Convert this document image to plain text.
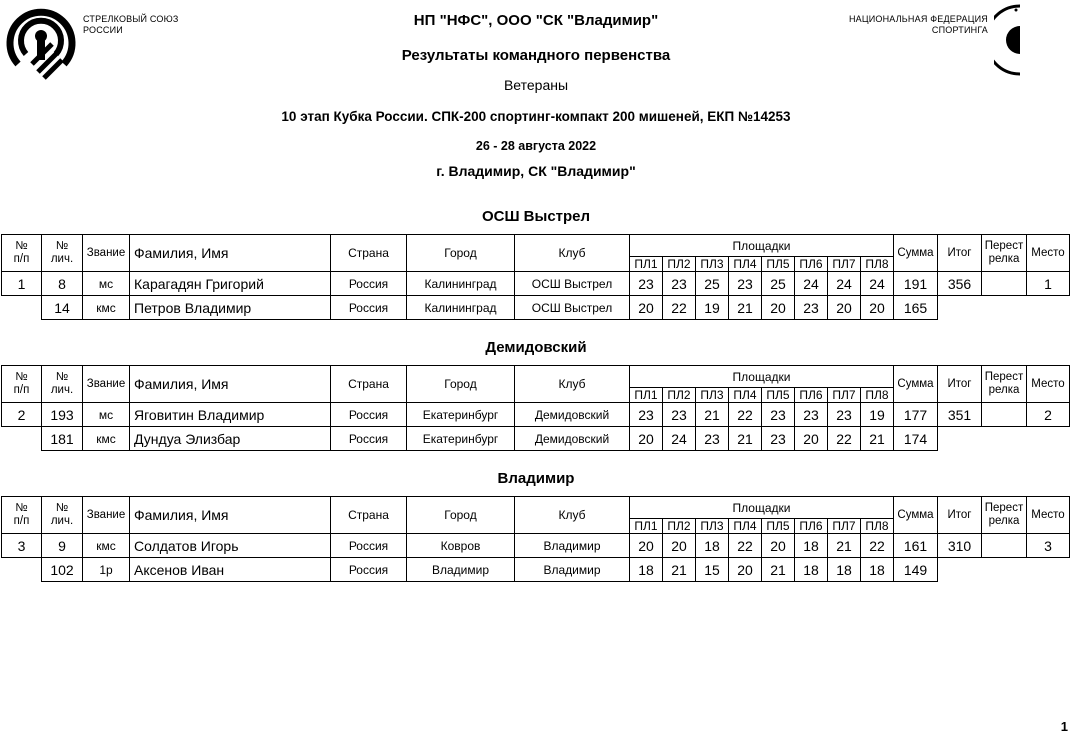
СТРЕЛКОВЫЙ СОЮЗ
РОССИИ
НАЦИОНАЛЬНАЯ ФЕДЕРАЦИЯ
СПОРТИНГА
НП "НФС", ООО "СК "Владимир"
Результаты командного первенства
Ветераны
10 этап Кубка России. СПК-200 спортинг-компакт 200 мишеней, ЕКП №14253
26 - 28 августа 2022
г. Владимир, СК "Владимир"
ОСШ Выстрел
№
п/п	№
лич.	Звание	Фамилия, Имя	Страна	Город	Клуб	Площадки								Сумма	Итог	Перест
релка	Место
							ПЛ1	ПЛ2	ПЛ3	ПЛ4	ПЛ5	ПЛ6	ПЛ7	ПЛ8				
1	8	мс	Карагадян Григорий	Россия	Калининград	ОСШ Выстрел	23	23	25	23	25	24	24	24	191	356		1
	14	кмс	Петров Владимир	Россия	Калининград	ОСШ Выстрел	20	22	19	21	20	23	20	20	165			
Демидовский
№
п/п	№
лич.	Звание	Фамилия, Имя	Страна	Город	Клуб	Площадки								Сумма	Итог	Перест
релка	Место
							ПЛ1	ПЛ2	ПЛ3	ПЛ4	ПЛ5	ПЛ6	ПЛ7	ПЛ8				
2	193	мс	Яговитин Владимир	Россия	Екатеринбург	Демидовский	23	23	21	22	23	23	23	19	177	351		2
	181	кмс	Дундуа Элизбар	Россия	Екатеринбург	Демидовский	20	24	23	21	23	20	22	21	174			
Владимир
№
п/п	№
лич.	Звание	Фамилия, Имя	Страна	Город	Клуб	Площадки								Сумма	Итог	Перест
релка	Место
							ПЛ1	ПЛ2	ПЛ3	ПЛ4	ПЛ5	ПЛ6	ПЛ7	ПЛ8				
3	9	кмс	Солдатов Игорь	Россия	Ковров	Владимир	20	20	18	22	20	18	21	22	161	310		3
	102	1р	Аксенов Иван	Россия	Владимир	Владимир	18	21	15	20	21	18	18	18	149			
1
